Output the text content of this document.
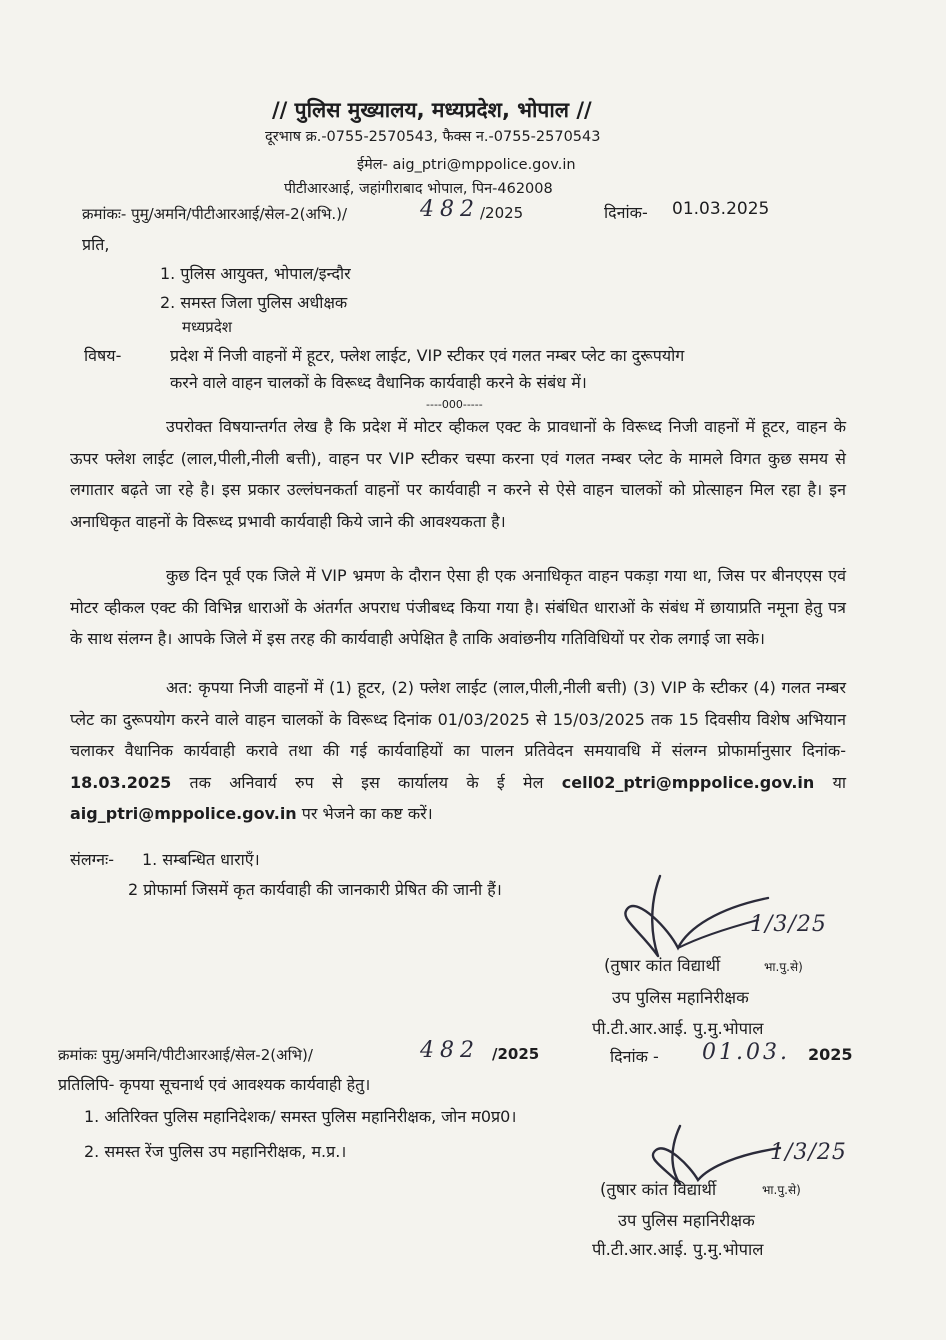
// पुलिस मुख्यालय, मध्यप्रदेश, भोपाल //
दूरभाष क्र.-0755-2570543, फैक्स न.-0755-2570543
ईमेल- aig_ptri@mppolice.gov.in
पीटीआरआई, जहांगीराबाद भोपाल, पिन-462008
क्रमांकः- पुमु/अमनि/पीटीआरआई/सेल-2(अभि.)/	482 /2025	दिनांक- 01.03.2025
प्रति,
1. पुलिस आयुक्त, भोपाल/इन्दौर
2. समस्त जिला पुलिस अधीक्षक
मध्यप्रदेश
विषय-	प्रदेश में निजी वाहनों में हूटर, फ्लेश लाईट, VIP स्टीकर एवं गलत नम्बर प्लेट का दुरूपयोग
करने वाले वाहन चालकों के विरूध्द वैधानिक कार्यवाही करने के संबंध में।
----000-----

उपरोक्त विषयान्तर्गत लेख है कि प्रदेश में मोटर व्हीकल एक्ट के प्रावधानों के विरूध्द निजी वाहनों में हूटर, वाहन के ऊपर फ्लेश लाईट (लाल,पीली,नीली बत्ती), वाहन पर VIP स्टीकर चस्पा करना एवं गलत नम्बर प्लेट के मामले विगत कुछ समय से लगातार बढ़ते जा रहे है। इस प्रकार उल्लंघनकर्ता वाहनों पर कार्यवाही न करने से ऐसे वाहन चालकों को प्रोत्साहन मिल रहा है। इन अनाधिकृत वाहनों के विरूध्द प्रभावी कार्यवाही किये जाने की आवश्यकता है।

कुछ दिन पूर्व एक जिले में VIP भ्रमण के दौरान ऐसा ही एक अनाधिकृत वाहन पकड़ा गया था, जिस पर बीनएएस एवं मोटर व्हीकल एक्ट की विभिन्न धाराओं के अंतर्गत अपराध पंजीबध्द किया गया है। संबंधित धाराओं के संबंध में छायाप्रति नमूना हेतु पत्र के साथ संलग्न है। आपके जिले में इस तरह की कार्यवाही अपेक्षित है ताकि अवांछनीय गतिविधियों पर रोक लगाई जा सके।

अत: कृपया निजी वाहनों में (1) हूटर, (2) फ्लेश लाईट (लाल,पीली,नीली बत्ती) (3) VIP के स्टीकर (4) गलत नम्बर प्लेट का दुरूपयोग करने वाले वाहन चालकों के विरूध्द दिनांक 01/03/2025 से 15/03/2025 तक 15 दिवसीय विशेष अभियान चलाकर वैधानिक कार्यवाही करावे तथा की गई कार्यवाहियों का पालन प्रतिवेदन समयावधि में संलग्न प्रोफार्मानुसार दिनांक- 18.03.2025 तक अनिवार्य रुप से इस कार्यालय के ई मेल cell02_ptri@mppolice.gov.in या aig_ptri@mppolice.gov.in पर भेजने का कष्ट करें।

संलग्नः- 1. सम्बन्धित धाराएँ।
2 प्रोफार्मा जिसमें कृत कार्यवाही की जानकारी प्रेषित की जानी हैं।
1/3/25
(तुषार कांत विद्यार्थी	भा.पु.से)
उप पुलिस महानिरीक्षक
पी.टी.आर.आई. पु.मु.भोपाल
क्रमांकः पुमु/अमनि/पीटीआरआई/सेल-2(अभि)/	482 /2025	दिनांक - 01.03. 2025
प्रतिलिपि- कृपया सूचनार्थ एवं आवश्यक कार्यवाही हेतु।
1. अतिरिक्त पुलिस महानिदेशक/ समस्त पुलिस महानिरीक्षक, जोन म0प्र0।
2. समस्त रेंज पुलिस उप महानिरीक्षक, म.प्र.।	1/3/25
(तुषार कांत विद्यार्थी	भा.पु.से)
उप पुलिस महानिरीक्षक
पी.टी.आर.आई. पु.मु.भोपाल
